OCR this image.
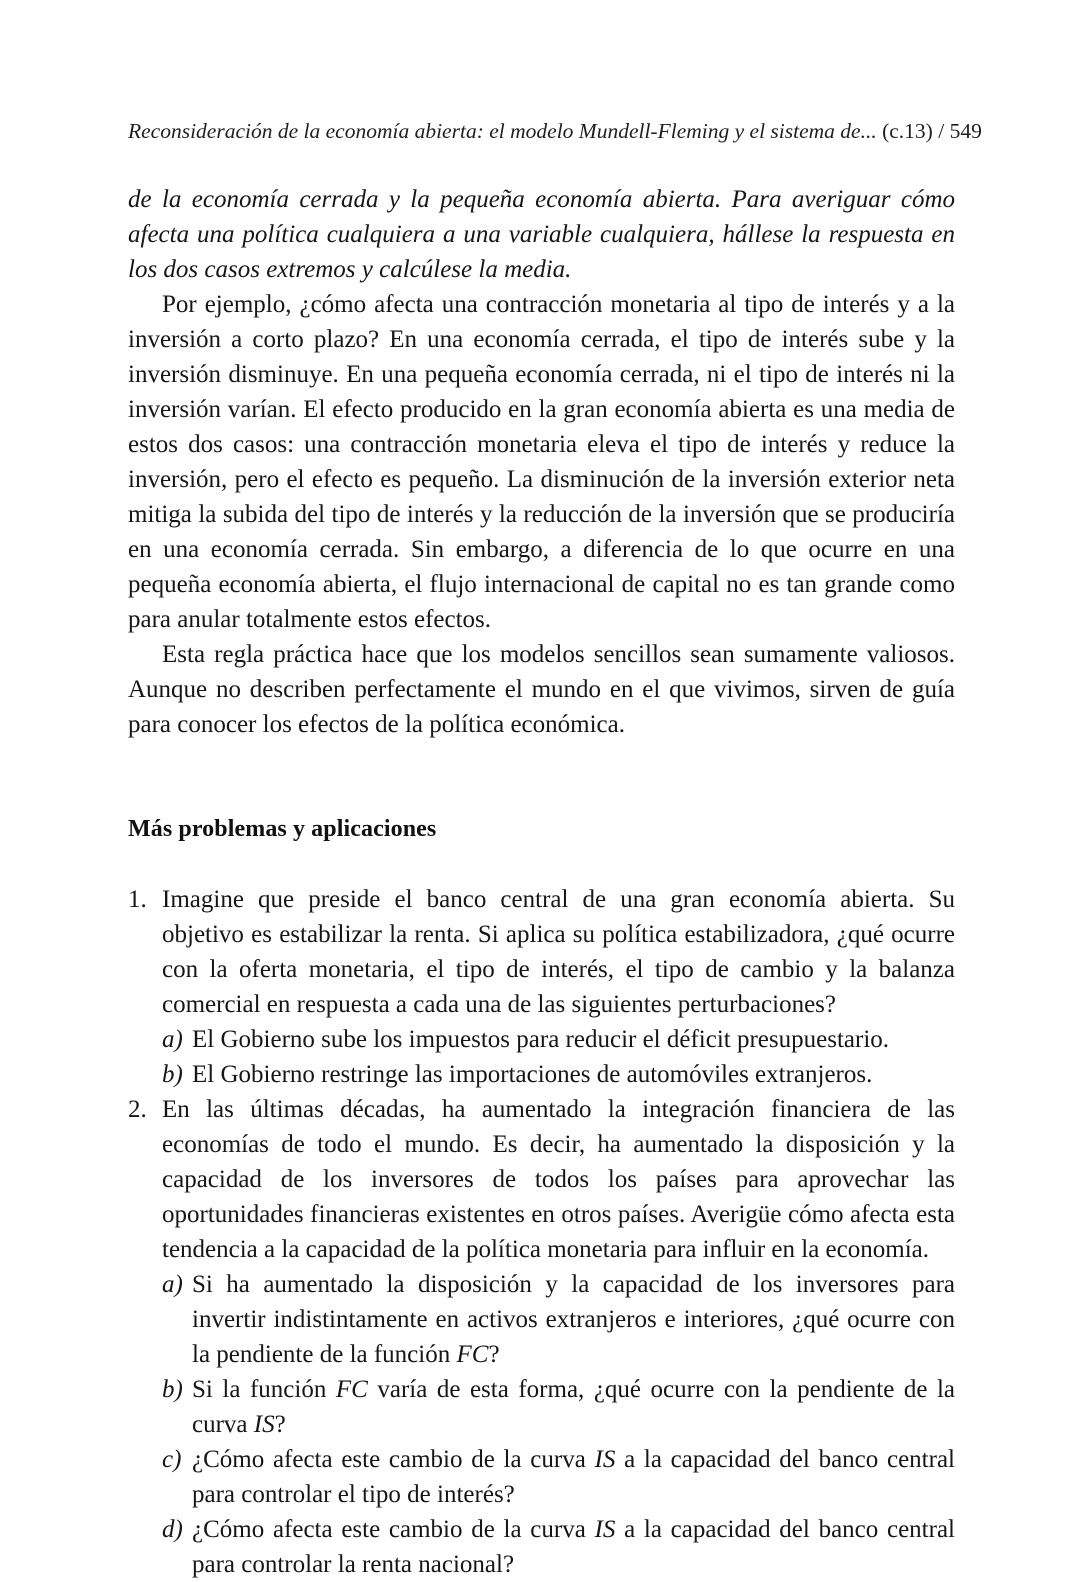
Reconsideración de la economía abierta: el modelo Mundell-Fleming y el sistema de... (c.13) / 549

de la economía cerrada y la pequeña economía abierta. Para averiguar cómo afecta una política cualquiera a una variable cualquiera, hállese la respuesta en los dos casos extremos y calcúlese la media.

Por ejemplo, ¿cómo afecta una contracción monetaria al tipo de interés y a la inversión a corto plazo? En una economía cerrada, el tipo de interés sube y la inversión disminuye. En una pequeña economía cerrada, ni el tipo de interés ni la inversión varían. El efecto producido en la gran economía abierta es una media de estos dos casos: una contracción monetaria eleva el tipo de interés y reduce la inversión, pero el efecto es pequeño. La disminución de la inversión exterior neta mitiga la subida del tipo de interés y la reducción de la inversión que se produciría en una economía cerrada. Sin embargo, a diferencia de lo que ocurre en una pequeña economía abierta, el flujo internacional de capital no es tan grande como para anular totalmente estos efectos.

Esta regla práctica hace que los modelos sencillos sean sumamente valiosos. Aunque no describen perfectamente el mundo en el que vivimos, sirven de guía para conocer los efectos de la política económica.

Más problemas y aplicaciones

1. Imagine que preside el banco central de una gran economía abierta. Su objetivo es estabilizar la renta. Si aplica su política estabilizadora, ¿qué ocurre con la oferta monetaria, el tipo de interés, el tipo de cambio y la balanza comercial en respuesta a cada una de las siguientes perturbaciones?

a) El Gobierno sube los impuestos para reducir el déficit presupuestario.

b) El Gobierno restringe las importaciones de automóviles extranjeros.

2. En las últimas décadas, ha aumentado la integración financiera de las economías de todo el mundo. Es decir, ha aumentado la disposición y la capacidad de los inversores de todos los países para aprovechar las oportunidades financieras existentes en otros países. Averigüe cómo afecta esta tendencia a la capacidad de la política monetaria para influir en la economía.

a) Si ha aumentado la disposición y la capacidad de los inversores para invertir indistintamente en activos extranjeros e interiores, ¿qué ocurre con la pendiente de la función FC?

b) Si la función FC varía de esta forma, ¿qué ocurre con la pendiente de la curva IS?

c) ¿Cómo afecta este cambio de la curva IS a la capacidad del banco central para controlar el tipo de interés?

d) ¿Cómo afecta este cambio de la curva IS a la capacidad del banco central para controlar la renta nacional?
